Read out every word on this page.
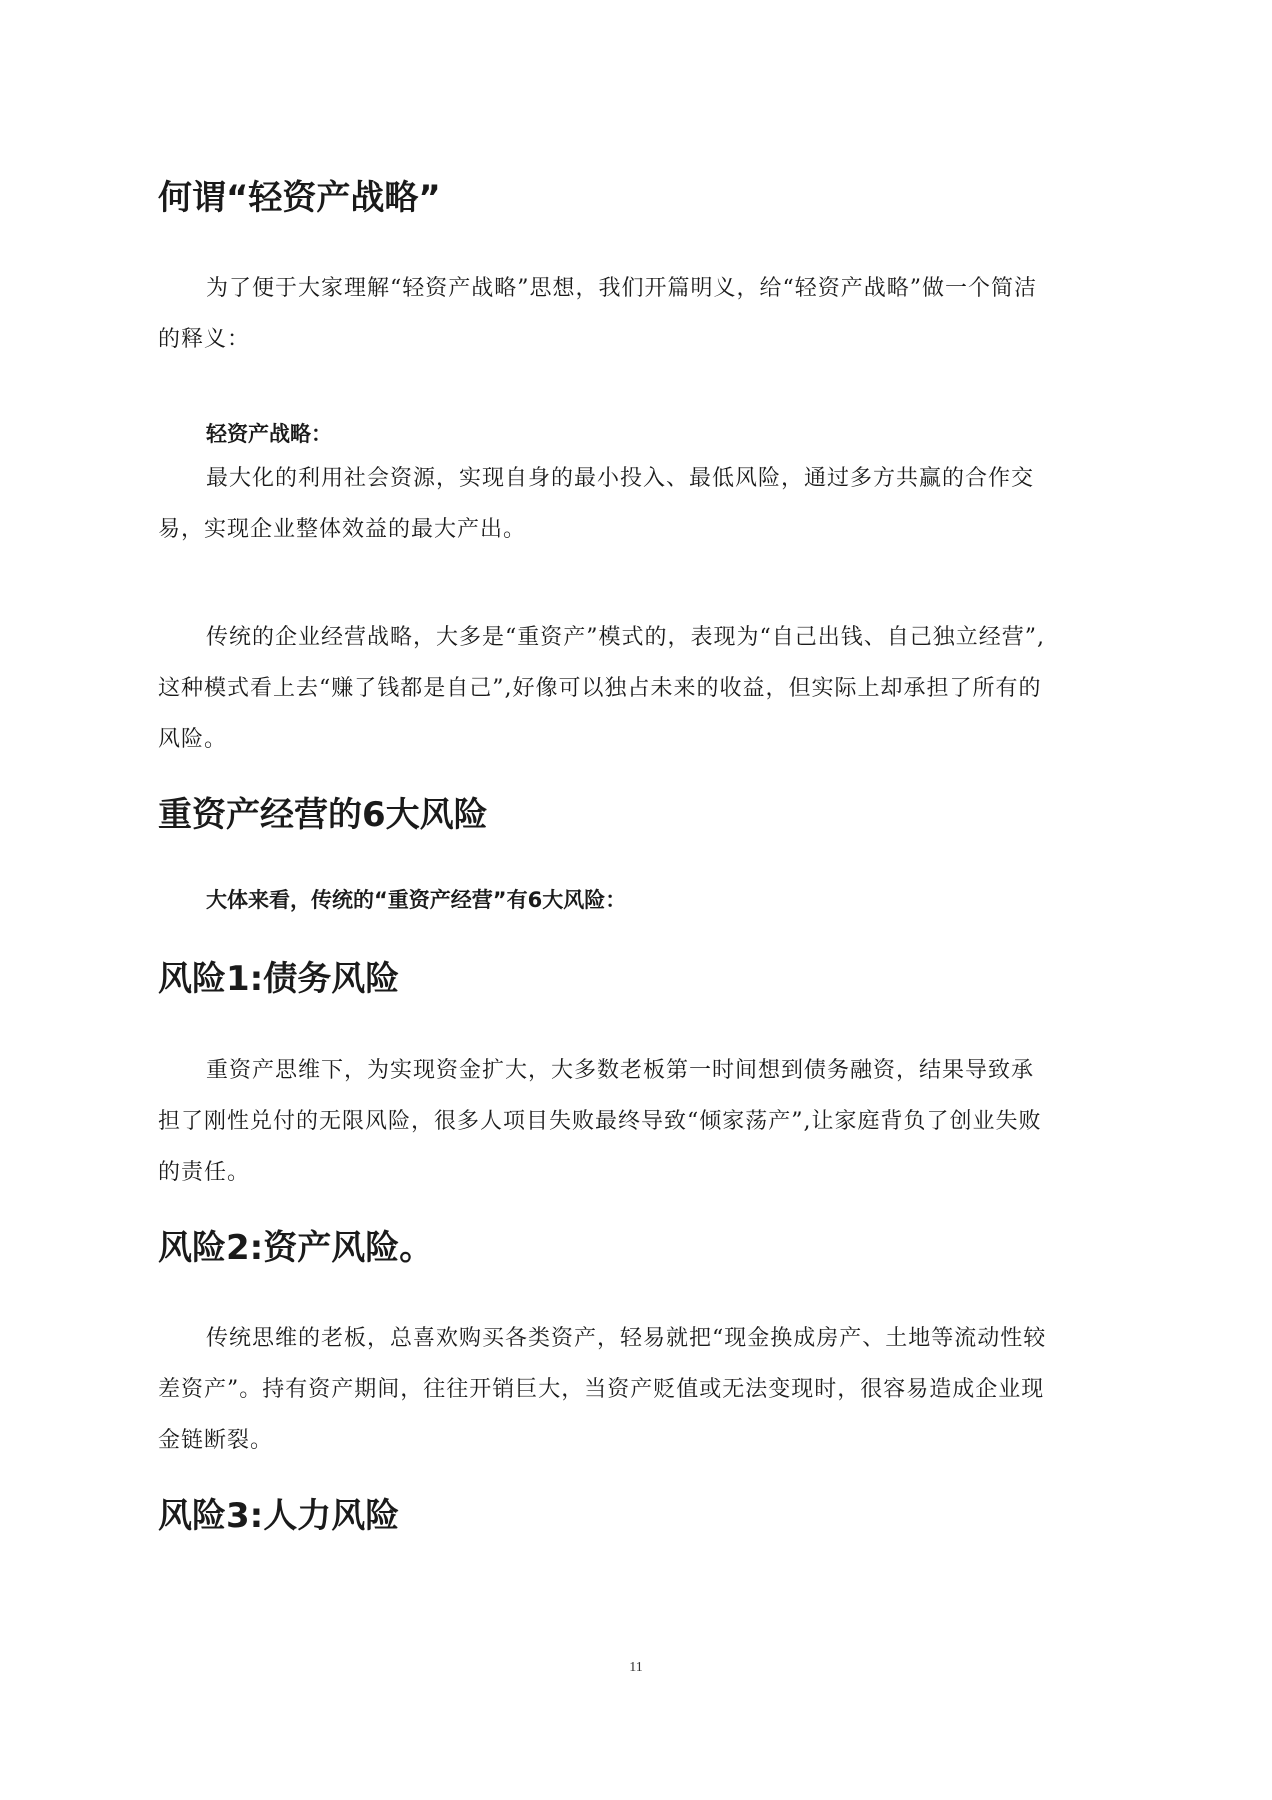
何谓“轻资产战略”

为了便于大家理解“轻资产战略”思想，我们开篇明义，给“轻资产战略”做一个简洁的释义：

轻资产战略：

最大化的利用社会资源，实现自身的最小投入、最低风险，通过多方共赢的合作交易，实现企业整体效益的最大产出。

传统的企业经营战略，大多是“重资产”模式的，表现为“自己出钱、自己独立经营”,这种模式看上去“赚了钱都是自己”,好像可以独占未来的收益，但实际上却承担了所有的风险。

重资产经营的6大风险

大体来看，传统的“重资产经营”有6大风险：

风险1:债务风险

重资产思维下，为实现资金扩大，大多数老板第一时间想到债务融资，结果导致承担了刚性兑付的无限风险，很多人项目失败最终导致“倾家荡产”,让家庭背负了创业失败的责任。

风险2:资产风险。

传统思维的老板，总喜欢购买各类资产，轻易就把“现金换成房产、土地等流动性较差资产”。持有资产期间，往往开销巨大，当资产贬值或无法变现时，很容易造成企业现金链断裂。

风险3:人力风险
11
